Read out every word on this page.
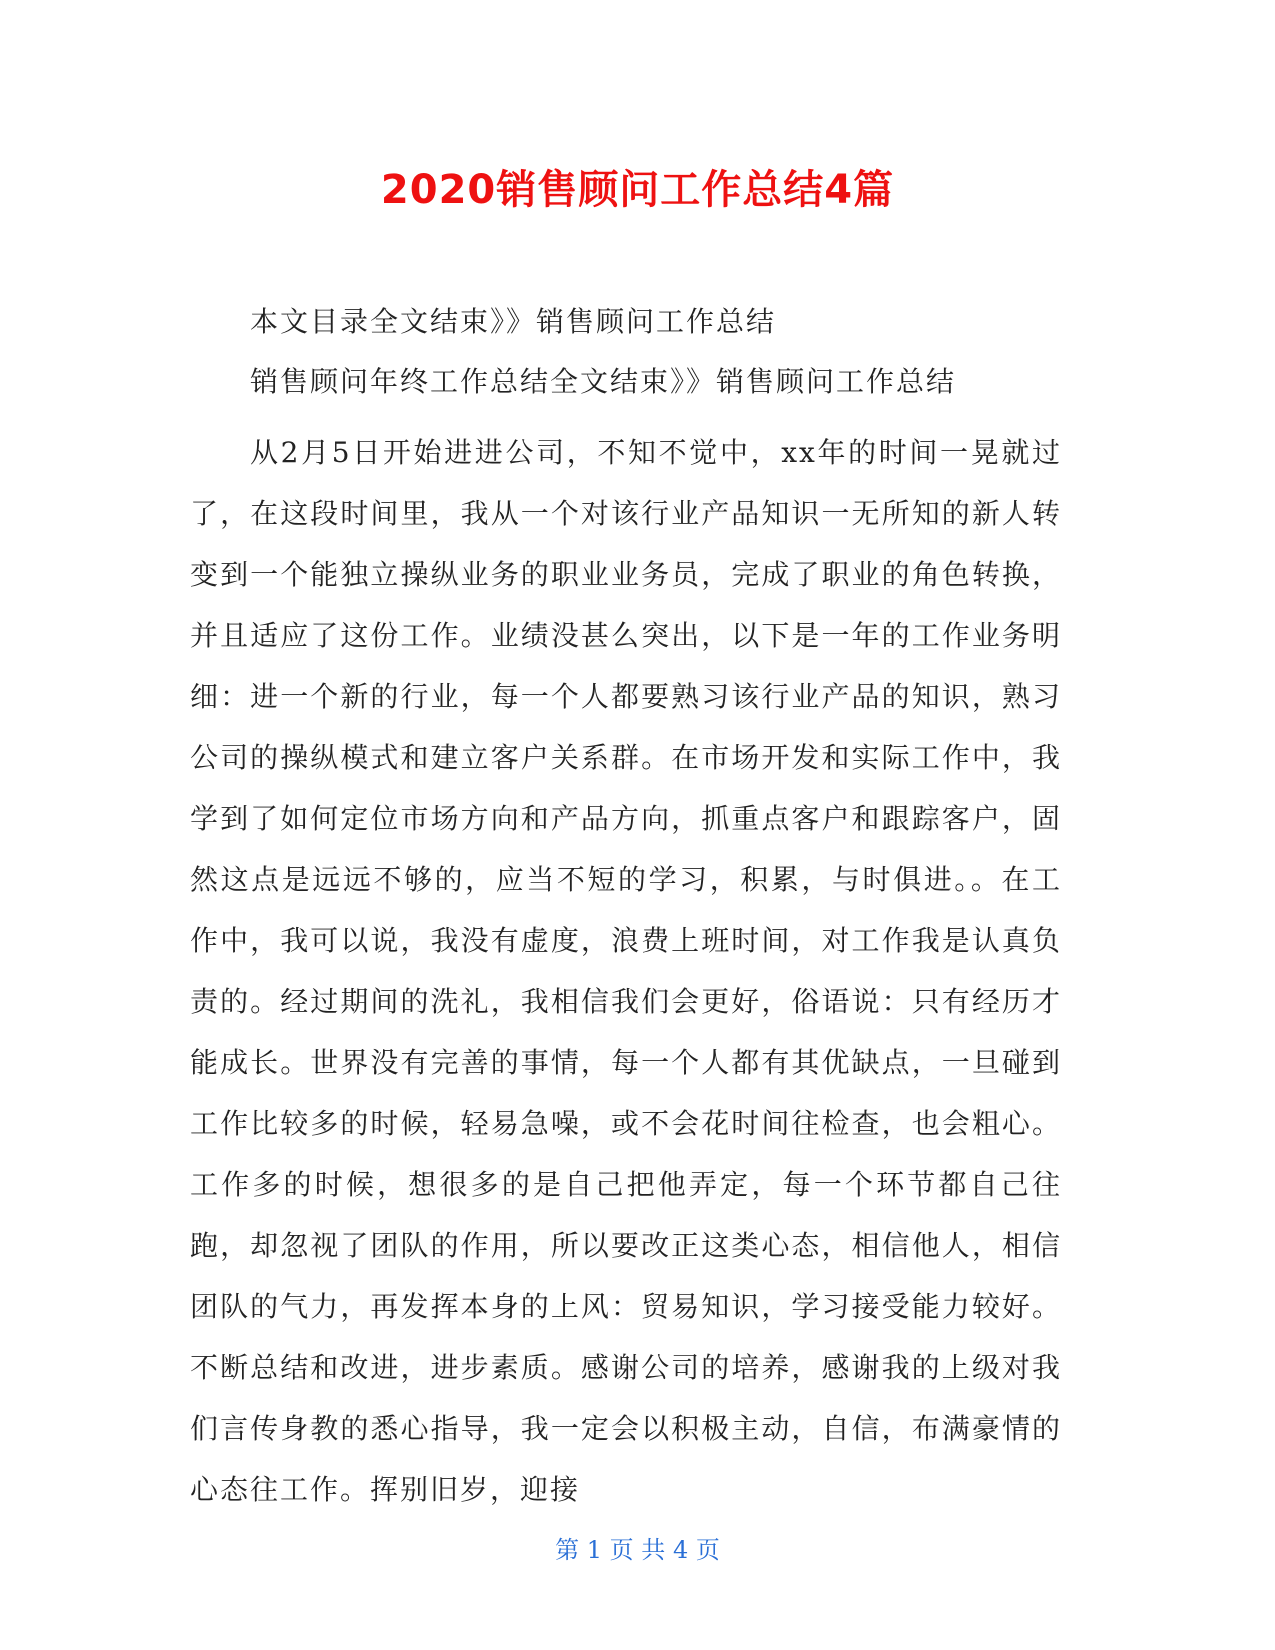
2020销售顾问工作总结4篇
本文目录全文结束》》销售顾问工作总结
销售顾问年终工作总结全文结束》》销售顾问工作总结

从2月5日开始进进公司，不知不觉中，xx年的时间一晃就过了，在这段时间里，我从一个对该行业产品知识一无所知的新人转变到一个能独立操纵业务的职业业务员，完成了职业的角色转换，并且适应了这份工作。业绩没甚么突出，以下是一年的工作业务明细：进一个新的行业，每一个人都要熟习该行业产品的知识，熟习公司的操纵模式和建立客户关系群。在市场开发和实际工作中，我学到了如何定位市场方向和产品方向，抓重点客户和跟踪客户，固然这点是远远不够的，应当不短的学习，积累，与时俱进。。在工作中，我可以说，我没有虚度，浪费上班时间，对工作我是认真负责的。经过期间的洗礼，我相信我们会更好，俗语说：只有经历才能成长。世界没有完善的事情，每一个人都有其优缺点，一旦碰到工作比较多的时候，轻易急噪，或不会花时间往检查，也会粗心。工作多的时候，想很多的是自己把他弄定，每一个环节都自己往跑，却忽视了团队的作用，所以要改正这类心态，相信他人，相信团队的气力，再发挥本身的上风：贸易知识，学习接受能力较好。不断总结和改进，进步素质。感谢公司的培养，感谢我的上级对我们言传身教的悉心指导，我一定会以积极主动，自信，布满豪情的心态往工作。挥别旧岁，迎接

第 1 页 共 4 页
